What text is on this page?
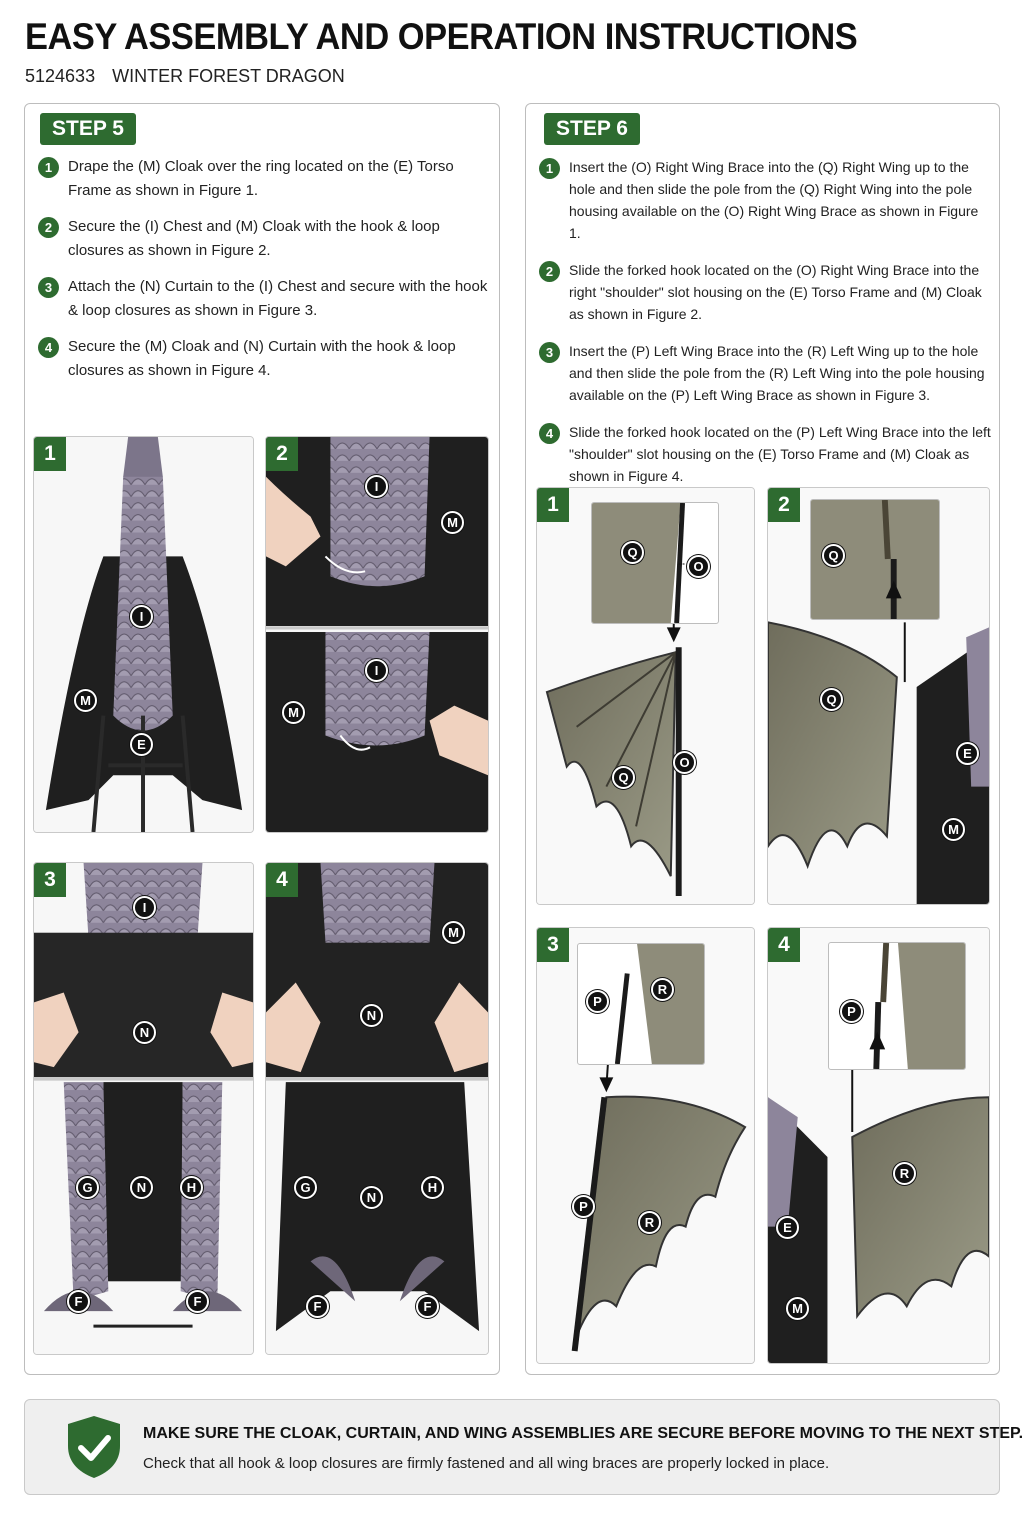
EASY ASSEMBLY AND OPERATION INSTRUCTIONS
5124633 WINTER FOREST DRAGON
STEP 5
1	Drape the (M) Cloak over the ring located on the (E) Torso Frame as shown in Figure 1.
2	Secure the (I) Chest and (M) Cloak with the hook & loop closures as shown in Figure 2.
3	Attach the (N) Curtain to the (I) Chest and secure with the hook & loop closures as shown in Figure 3.
4	Secure the (M) Cloak and (N) Curtain with the hook & loop closures as shown in Figure 4.
1
I
M
E
2
I
M
I
M
3
I
N
G	N	H
F	F
4
M
N
G
N
H
F	F
STEP 6
1	Insert the (O) Right Wing Brace into the (Q) Right Wing up to the hole and then slide the pole from the (Q) Right Wing into the pole housing available on the (O) Right Wing Brace as shown in Figure 1.
2	Slide the forked hook located on the (O) Right Wing Brace into the right "shoulder" slot housing on the (E) Torso Frame and (M) Cloak as shown in Figure 2.
3	Insert the (P) Left Wing Brace into the (R) Left Wing up to the hole and then slide the pole from the (R) Left Wing into the pole housing available on the (P) Left Wing Brace as shown in Figure 3.
4	Slide the forked hook located on the (P) Left Wing Brace into the left "shoulder" slot housing on the (E) Torso Frame and (M) Cloak as shown in Figure 4.
1
Q
O
O
Q
2
Q
Q
E
M
3
P
R
P
R
4
P
R
E
M
MAKE SURE THE CLOAK, CURTAIN, AND WING ASSEMBLIES ARE SECURE BEFORE MOVING TO THE NEXT STEP.
Check that all hook & loop closures are firmly fastened and all wing braces are properly locked in place.
